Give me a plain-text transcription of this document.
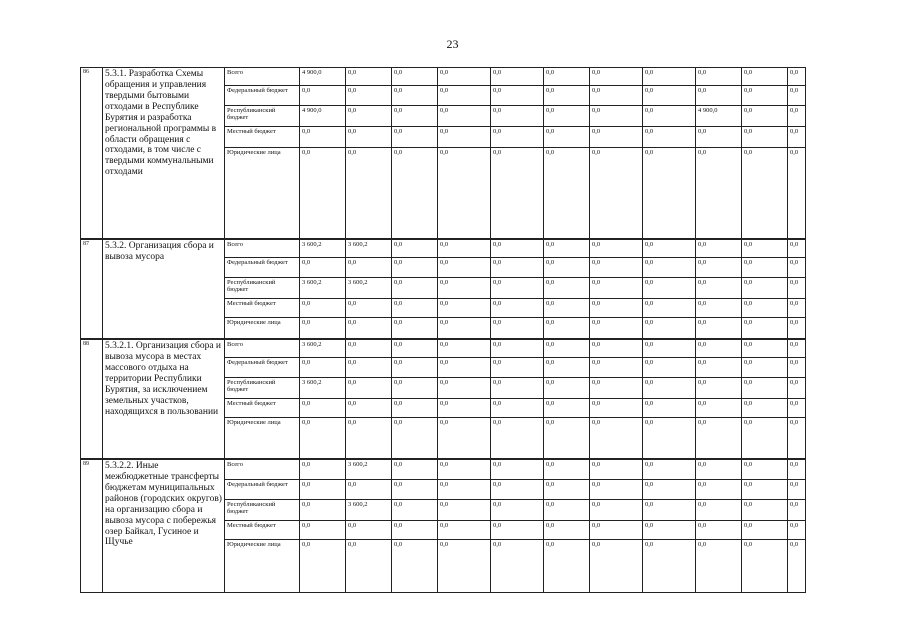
23
86	5.3.1. Разработка Схемы обращения и управления твердыми бытовыми отходами в Республике Бурятия и разработка региональной программы в области обращения с отходами, в том числе с твердыми коммунальными отходами	Всего	4 900,0	0,0	0,0	0,0	0,0	0,0	0,0	0,0	0,0	0,0	0,0
		Федеральный бюджет	0,0	0,0	0,0	0,0	0,0	0,0	0,0	0,0	0,0	0,0	0,0
		Республиканский бюджет	4 900,0	0,0	0,0	0,0	0,0	0,0	0,0	0,0	4 900,0	0,0	0,0
		Местный бюджет	0,0	0,0	0,0	0,0	0,0	0,0	0,0	0,0	0,0	0,0	0,0
		Юридические лица	0,0	0,0	0,0	0,0	0,0	0,0	0,0	0,0	0,0	0,0	0,0
87	5.3.2. Организация сбора и вывоза мусора	Всего	3 600,2	3 600,2	0,0	0,0	0,0	0,0	0,0	0,0	0,0	0,0	0,0
		Федеральный бюджет	0,0	0,0	0,0	0,0	0,0	0,0	0,0	0,0	0,0	0,0	0,0
		Республиканский бюджет	3 600,2	3 600,2	0,0	0,0	0,0	0,0	0,0	0,0	0,0	0,0	0,0
		Местный бюджет	0,0	0,0	0,0	0,0	0,0	0,0	0,0	0,0	0,0	0,0	0,0
		Юридические лица	0,0	0,0	0,0	0,0	0,0	0,0	0,0	0,0	0,0	0,0	0,0
88	5.3.2.1. Организация сбора и вывоза мусора в местах массового отдыха на территории Республики Бурятия, за исключением земельных участков, находящихся в пользовании	Всего	3 600,2	0,0	0,0	0,0	0,0	0,0	0,0	0,0	0,0	0,0	0,0
		Федеральный бюджет	0,0	0,0	0,0	0,0	0,0	0,0	0,0	0,0	0,0	0,0	0,0
		Республиканский бюджет	3 600,2	0,0	0,0	0,0	0,0	0,0	0,0	0,0	0,0	0,0	0,0
		Местный бюджет	0,0	0,0	0,0	0,0	0,0	0,0	0,0	0,0	0,0	0,0	0,0
		Юридические лица	0,0	0,0	0,0	0,0	0,0	0,0	0,0	0,0	0,0	0,0	0,0
89	5.3.2.2. Иные межбюджетные трансферты бюджетам муниципальных районов (городских округов) на организацию сбора и вывоза мусора с побережья озер Байкал, Гусиное и Щучье	Всего	0,0	3 600,2	0,0	0,0	0,0	0,0	0,0	0,0	0,0	0,0	0,0
		Федеральный бюджет	0,0	0,0	0,0	0,0	0,0	0,0	0,0	0,0	0,0	0,0	0,0
		Республиканский бюджет	0,0	3 600,2	0,0	0,0	0,0	0,0	0,0	0,0	0,0	0,0	0,0
		Местный бюджет	0,0	0,0	0,0	0,0	0,0	0,0	0,0	0,0	0,0	0,0	0,0
		Юридические лица	0,0	0,0	0,0	0,0	0,0	0,0	0,0	0,0	0,0	0,0	0,0
